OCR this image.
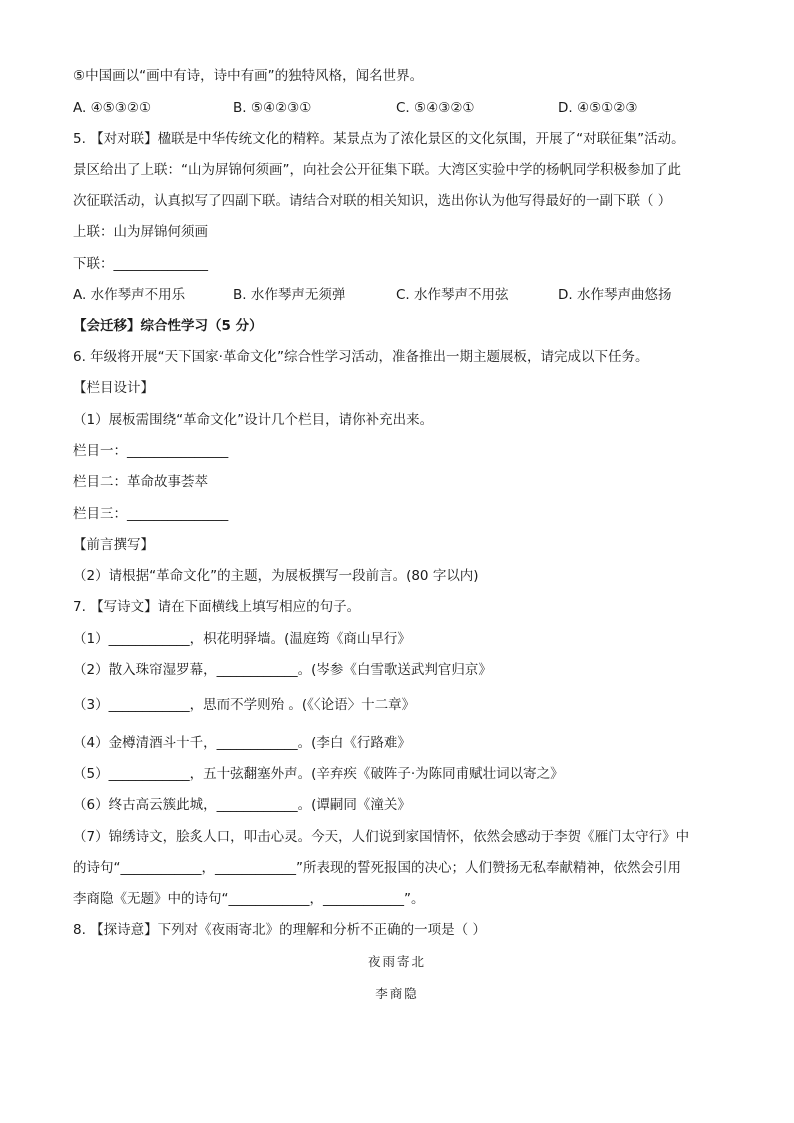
⑤中国画以“画中有诗，诗中有画”的独特风格，闻名世界。
A. ④⑤③②①	B. ⑤④②③①	C. ⑤④③②①	D. ④⑤①②③
5. 【对对联】楹联是中华传统文化的精粹。某景点为了浓化景区的文化氛围，开展了“对联征集”活动。
景区给出了上联：“山为屏锦何须画”，向社会公开征集下联。大湾区实验中学的杨帆同学积极参加了此
次征联活动，认真拟写了四副下联。请结合对联的相关知识，选出你认为他写得最好的一副下联（ ）
上联：山为屏锦何须画
下联：______________
A. 水作琴声不用乐	B. 水作琴声无须弹	C. 水作琴声不用弦	D. 水作琴声曲悠扬
【会迁移】综合性学习（5 分）
6. 年级将开展“天下国家·革命文化”综合性学习活动，准备推出一期主题展板，请完成以下任务。
【栏目设计】
（1）展板需围绕“革命文化”设计几个栏目，请你补充出来。
栏目一：_______________
栏目二：革命故事荟萃
栏目三：_______________
【前言撰写】
（2）请根据“革命文化”的主题，为展板撰写一段前言。(80 字以内)
7. 【写诗文】请在下面横线上填写相应的句子。
（1）____________，枳花明驿墙。(温庭筠《商山早行》
（2）散入珠帘湿罗幕，____________。(岑参《白雪歌送武判官归京》
（3）____________，思而不学则殆 。(《〈论语〉十二章》
（4）金樽清酒斗十千，____________。(李白《行路难》
（5）____________，五十弦翻塞外声。(辛弃疾《破阵子·为陈同甫赋壮词以寄之》
（6）终古高云簇此城，____________。(谭嗣同《潼关》
（7）锦绣诗文，脍炙人口，叩击心灵。今天，人们说到家国情怀，依然会感动于李贺《雁门太守行》中
的诗句“____________，____________”所表现的誓死报国的决心；人们赞扬无私奉献精神，依然会引用
李商隐《无题》中的诗句“____________，____________”。
8. 【探诗意】下列对《夜雨寄北》的理解和分析不正确的一项是（ ）
夜雨寄北
李商隐
